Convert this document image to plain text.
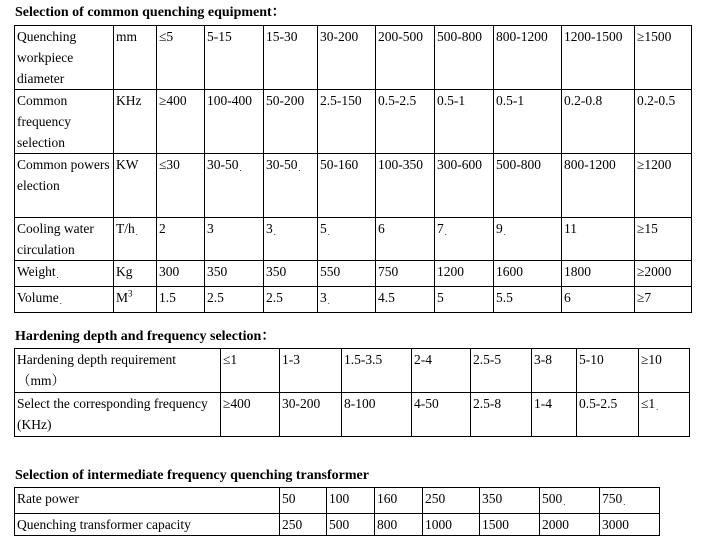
Selection of common quenching equipment：
Quenching workpiece diameter	mm	≤5	5-15	15-30	30-200	200-500	500-800	800-1200	1200-1500	≥1500
Common frequency selection	KHz	≥400	100-400	50-200	2.5-150	0.5-2.5	0.5-1	0.5-1	0.2-0.8	0.2-0.5
Common powerselection	KW	≤30	30-50 .	30-50 .	50-160	100-350	300-600	500-800	800-1200	≥1200
Cooling water circulation	T/h .	2	3	3 .	5 .	6	7 .	9 .	11	≥15
Weight .	Kg	300	350	350	550	750	1200	1600	1800	≥2000
Volume .	$M^3$	1.5	2.5	2.5	3 .	4.5	5	5.5	6	≥7
Hardening depth and frequency selection：
Hardening depth requirement （mm）	≤1	1-3	1.5-3.5	2-4	2.5-5	3-8	5-10	≥10
Select the corresponding frequency (KHz)	≥400	30-200	8-100	4-50	2.5-8	1-4	0.5-2.5	≤1 .
Selection of intermediate frequency quenching transformer
Rate power	50	100	160	250	350	500 .	750 .
Quenching transformer capacity	250	500	800	1000	1500	2000	3000
